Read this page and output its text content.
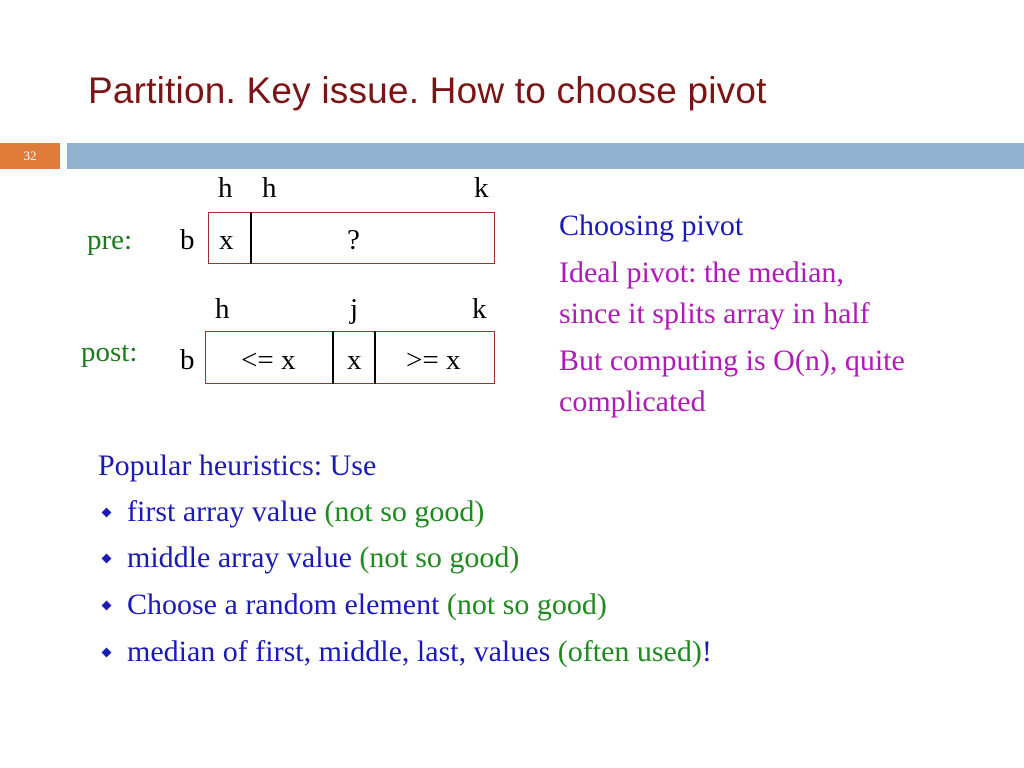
Partition. Key issue. How to choose pivot
32
h h	k
pre: b x	?
h	j	k
post: b <= x x >= x
Choosing pivot
Ideal pivot: the median,
since it splits array in half
But computing is O(n), quite
complicated
Popular heuristics: Use
first array value (not so good)
middle array value (not so good)
Choose a random element (not so good)
median of first, middle, last, values (often used)!
